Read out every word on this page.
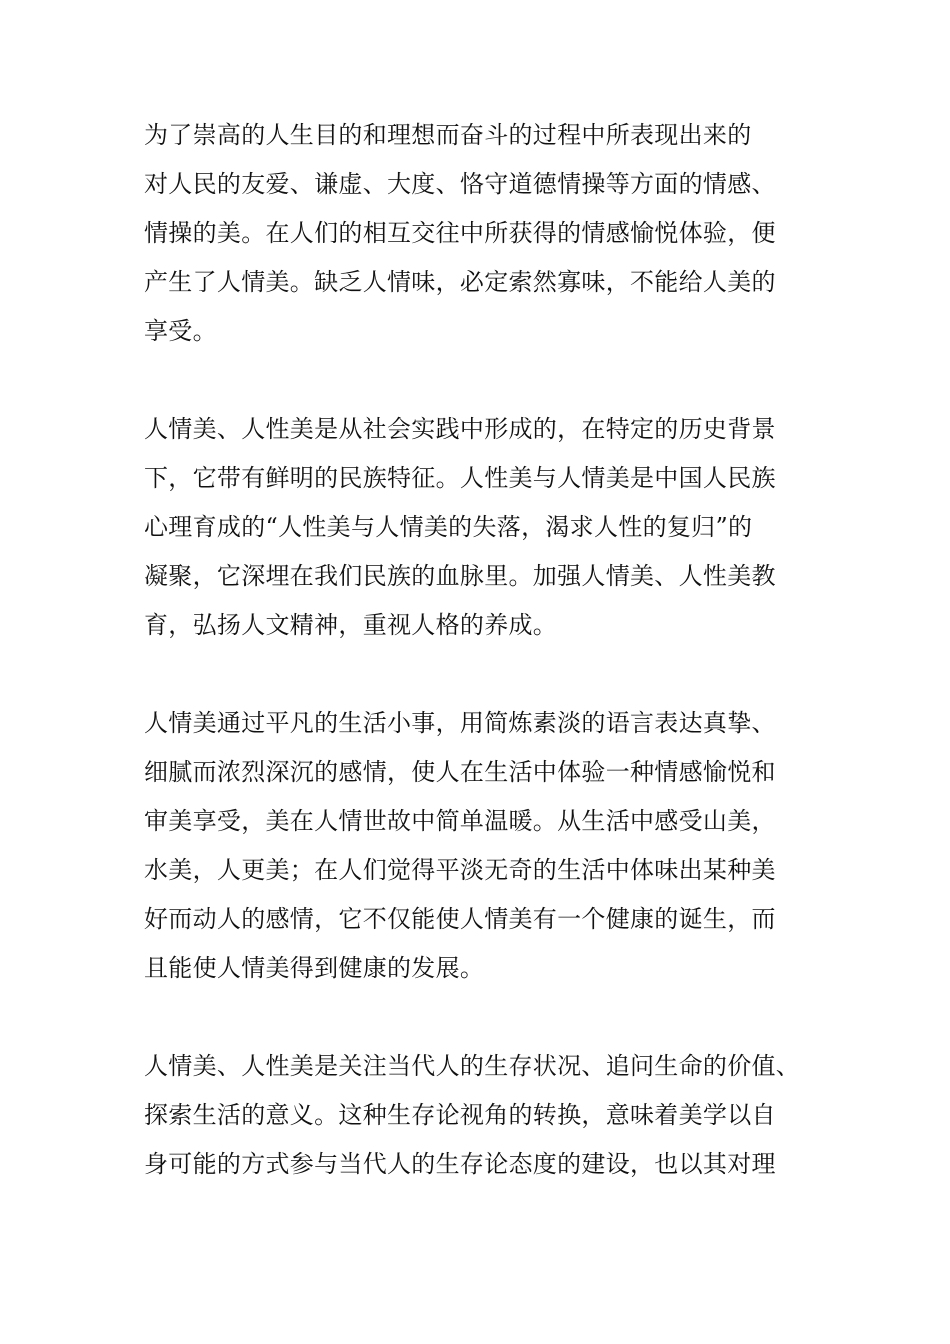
为了崇高的人生目的和理想而奋斗的过程中所表现出来的
对人民的友爱、谦虚、大度、恪守道德情操等方面的情感、
情操的美。在人们的相互交往中所获得的情感愉悦体验，便
产生了人情美。缺乏人情味，必定索然寡味，不能给人美的
享受。

人情美、人性美是从社会实践中形成的，在特定的历史背景
下，它带有鲜明的民族特征。人性美与人情美是中国人民族
心理育成的“人性美与人情美的失落，渴求人性的复归”的
凝聚，它深埋在我们民族的血脉里。加强人情美、人性美教
育，弘扬人文精神，重视人格的养成。

人情美通过平凡的生活小事，用简炼素淡的语言表达真挚、
细腻而浓烈深沉的感情，使人在生活中体验一种情感愉悦和
审美享受，美在人情世故中简单温暖。从生活中感受山美，
水美，人更美；在人们觉得平淡无奇的生活中体味出某种美
好而动人的感情，它不仅能使人情美有一个健康的诞生，而
且能使人情美得到健康的发展。

人情美、人性美是关注当代人的生存状况、追问生命的价值、
探索生活的意义。这种生存论视角的转换，意味着美学以自
身可能的方式参与当代人的生存论态度的建设，也以其对理
